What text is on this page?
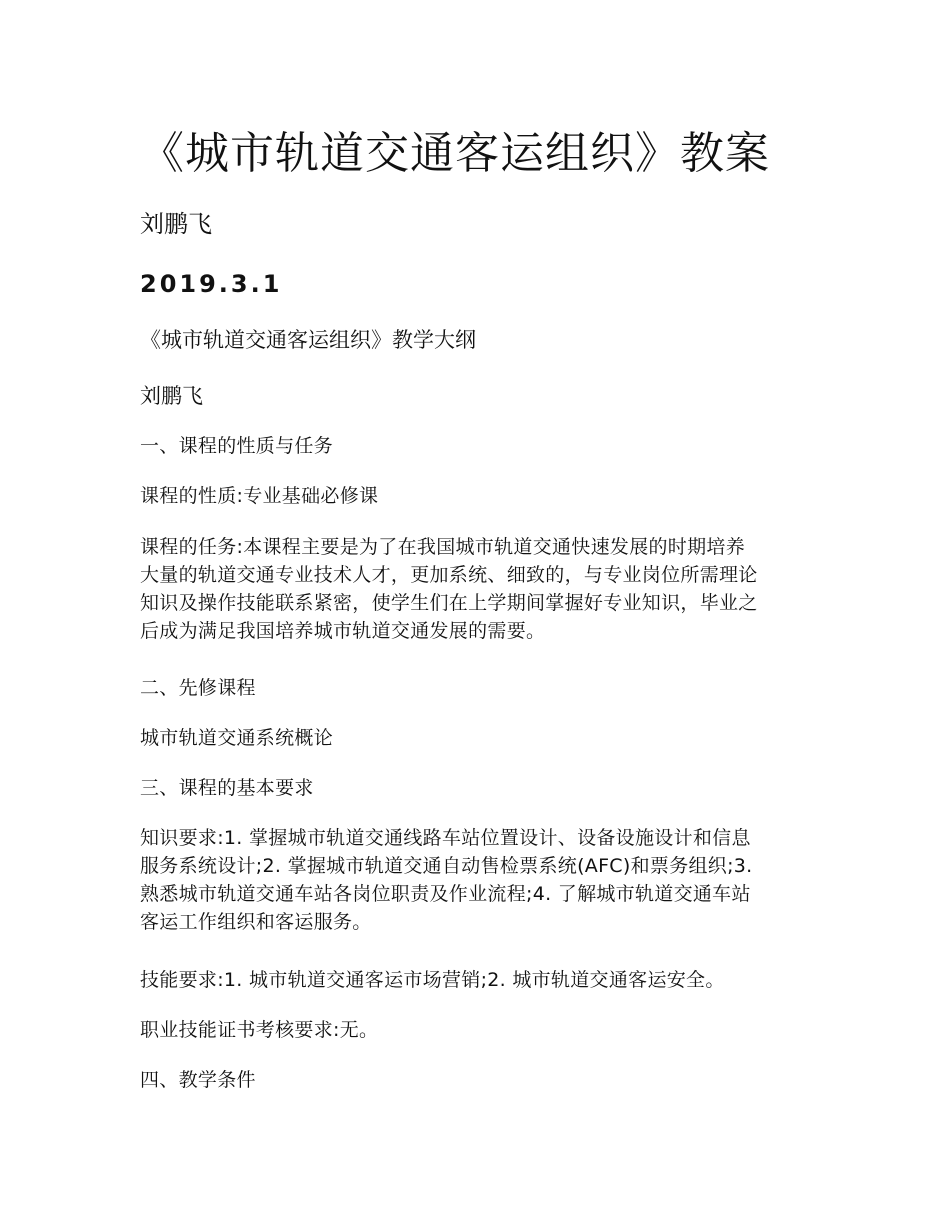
《城市轨道交通客运组织》教案
刘鹏飞
2019.3.1
《城市轨道交通客运组织》教学大纲
刘鹏飞
一、课程的性质与任务
课程的性质:专业基础必修课
课程的任务:本课程主要是为了在我国城市轨道交通快速发展的时期培养
大量的轨道交通专业技术人才，更加系统、细致的，与专业岗位所需理论
知识及操作技能联系紧密，使学生们在上学期间掌握好专业知识，毕业之
后成为满足我国培养城市轨道交通发展的需要。
二、先修课程
城市轨道交通系统概论
三、课程的基本要求
知识要求:1. 掌握城市轨道交通线路车站位置设计、设备设施设计和信息
服务系统设计;2. 掌握城市轨道交通自动售检票系统(AFC)和票务组织;3.
熟悉城市轨道交通车站各岗位职责及作业流程;4. 了解城市轨道交通车站
客运工作组织和客运服务。
技能要求:1. 城市轨道交通客运市场营销;2. 城市轨道交通客运安全。
职业技能证书考核要求:无。
四、教学条件
